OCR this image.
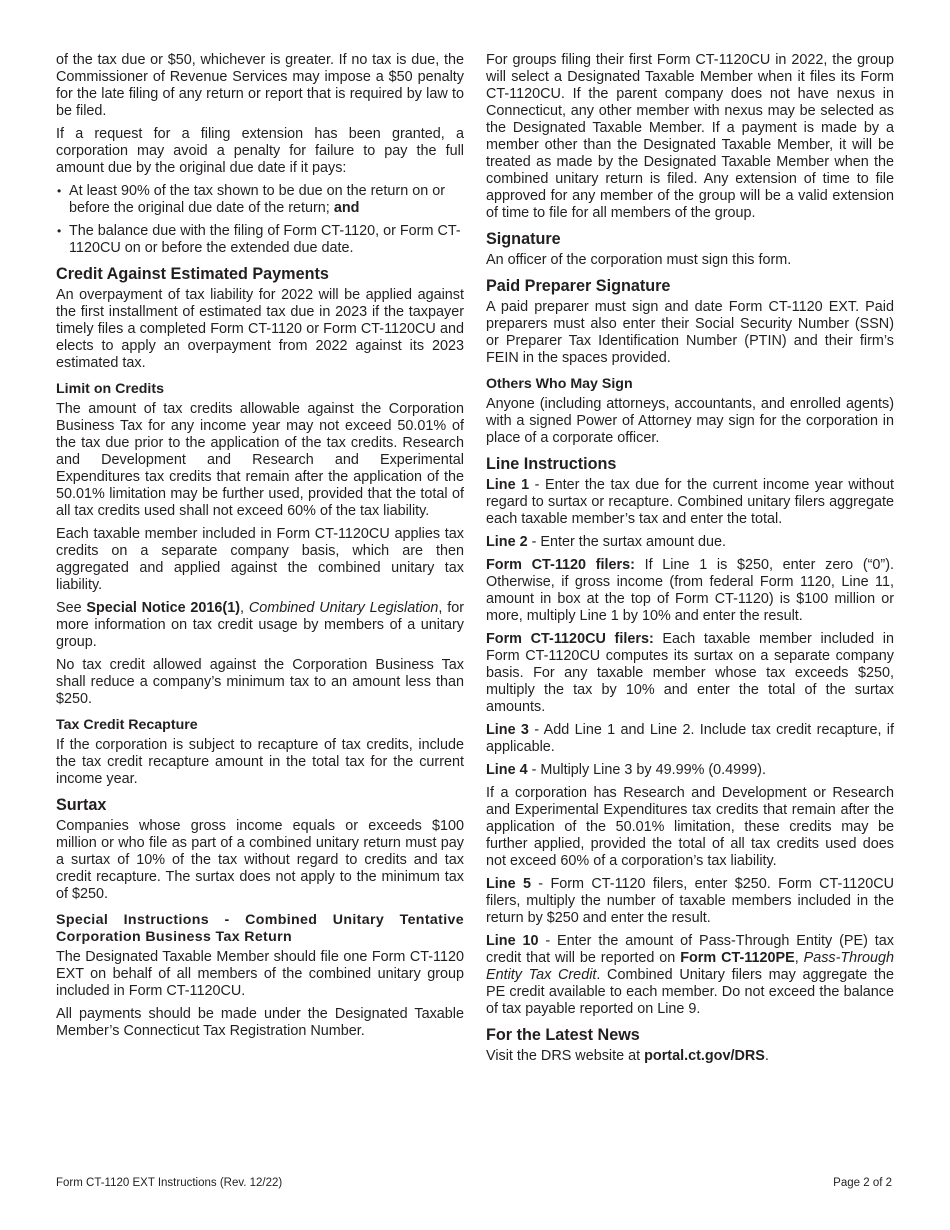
of the tax due or $50, whichever is greater. If no tax is due, the Commissioner of Revenue Services may impose a $50 penalty for the late filing of any return or report that is required by law to be filed.

If a request for a filing extension has been granted, a corporation may avoid a penalty for failure to pay the full amount due by the original due date if it pays:

• At least 90% of the tax shown to be due on the return on or before the original due date of the return; and
• The balance due with the filing of Form CT-1120, or Form CT-1120CU on or before the extended due date.
Credit Against Estimated Payments

An overpayment of tax liability for 2022 will be applied against the first installment of estimated tax due in 2023 if the taxpayer timely files a completed Form CT-1120 or Form CT-1120CU and elects to apply an overpayment from 2022 against its 2023 estimated tax.

Limit on Credits

The amount of tax credits allowable against the Corporation Business Tax for any income year may not exceed 50.01% of the tax due prior to the application of the tax credits. Research and Development and Research and Experimental Expenditures tax credits that remain after the application of the 50.01% limitation may be further used, provided that the total of all tax credits used shall not exceed 60% of the tax liability.

Each taxable member included in Form CT-1120CU applies tax credits on a separate company basis, which are then aggregated and applied against the combined unitary tax liability.

See Special Notice 2016(1), Combined Unitary Legislation, for more information on tax credit usage by members of a unitary group.

No tax credit allowed against the Corporation Business Tax shall reduce a company’s minimum tax to an amount less than $250.

Tax Credit Recapture

If the corporation is subject to recapture of tax credits, include the tax credit recapture amount in the total tax for the current income year.

Surtax

Companies whose gross income equals or exceeds $100 million or who file as part of a combined unitary return must pay a surtax of 10% of the tax without regard to credits and tax credit recapture. The surtax does not apply to the minimum tax of $250.

Special Instructions - Combined Unitary Tentative Corporation Business Tax Return

The Designated Taxable Member should file one Form CT-1120 EXT on behalf of all members of the combined unitary group included in Form CT-1120CU.

All payments should be made under the Designated Taxable Member’s Connecticut Tax Registration Number.

For groups filing their first Form CT-1120CU in 2022, the group will select a Designated Taxable Member when it files its Form CT-1120CU. If the parent company does not have nexus in Connecticut, any other member with nexus may be selected as the Designated Taxable Member. If a payment is made by a member other than the Designated Taxable Member, it will be treated as made by the Designated Taxable Member when the combined unitary return is filed. Any extension of time to file approved for any member of the group will be a valid extension of time to file for all members of the group.

Signature

An officer of the corporation must sign this form.

Paid Preparer Signature

A paid preparer must sign and date Form CT-1120 EXT. Paid preparers must also enter their Social Security Number (SSN) or Preparer Tax Identification Number (PTIN) and their firm’s FEIN in the spaces provided.

Others Who May Sign

Anyone (including attorneys, accountants, and enrolled agents) with a signed Power of Attorney may sign for the corporation in place of a corporate officer.

Line Instructions

Line 1 - Enter the tax due for the current income year without regard to surtax or recapture. Combined unitary filers aggregate each taxable member’s tax and enter the total.

Line 2 - Enter the surtax amount due.

Form CT-1120 filers: If Line 1 is $250, enter zero (“0”). Otherwise, if gross income (from federal Form 1120, Line 11, amount in box at the top of Form CT-1120) is $100 million or more, multiply Line 1 by 10% and enter the result.

Form CT-1120CU filers: Each taxable member included in Form CT-1120CU computes its surtax on a separate company basis. For any taxable member whose tax exceeds $250, multiply the tax by 10% and enter the total of the surtax amounts.

Line 3 - Add Line 1 and Line 2. Include tax credit recapture, if applicable.

Line 4 - Multiply Line 3 by 49.99% (0.4999).

If a corporation has Research and Development or Research and Experimental Expenditures tax credits that remain after the application of the 50.01% limitation, these credits may be further applied, provided the total of all tax credits used does not exceed 60% of a corporation’s tax liability.

Line 5 - Form CT-1120 filers, enter $250. Form CT-1120CU filers, multiply the number of taxable members included in the return by $250 and enter the result.

Line 10 - Enter the amount of Pass-Through Entity (PE) tax credit that will be reported on Form CT-1120PE, Pass-Through Entity Tax Credit. Combined Unitary filers may aggregate the PE credit available to each member. Do not exceed the balance of tax payable reported on Line 9.

For the Latest News

Visit the DRS website at portal.ct.gov/DRS.

Form CT-1120 EXT Instructions (Rev. 12/22)	Page 2 of 2
